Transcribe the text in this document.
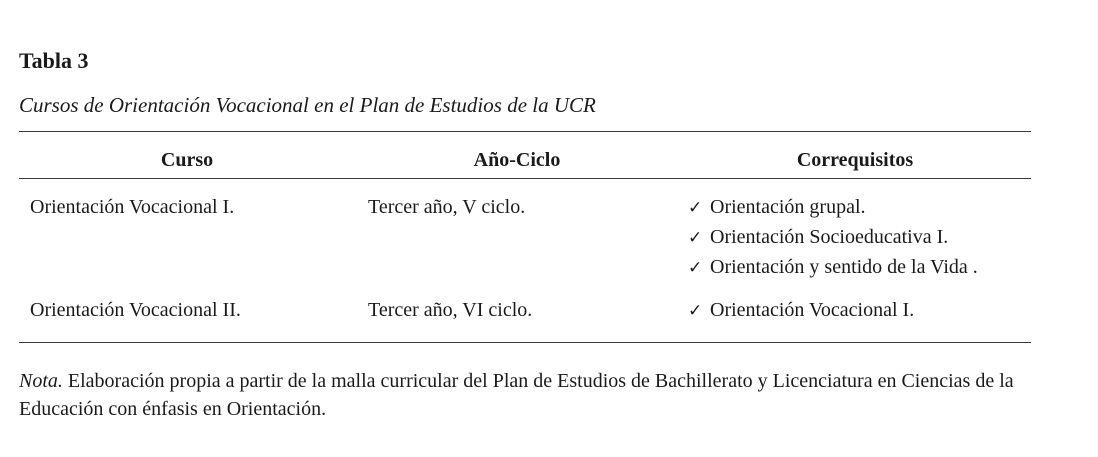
Tabla 3

Cursos de Orientación Vocacional en el Plan de Estudios de la UCR

Curso	Año-Ciclo	Correquisitos
Orientación Vocacional I.	Tercer año, V ciclo.	✓ Orientación grupal.
✓ Orientación Socioeducativa I.
✓ Orientación y sentido de la Vida .
Orientación Vocacional II.	Tercer año, VI ciclo.	✓ Orientación Vocacional I.

Nota. Elaboración propia a partir de la malla curricular del Plan de Estudios de Bachillerato y Licenciatura en Ciencias de la Educación con énfasis en Orientación.
